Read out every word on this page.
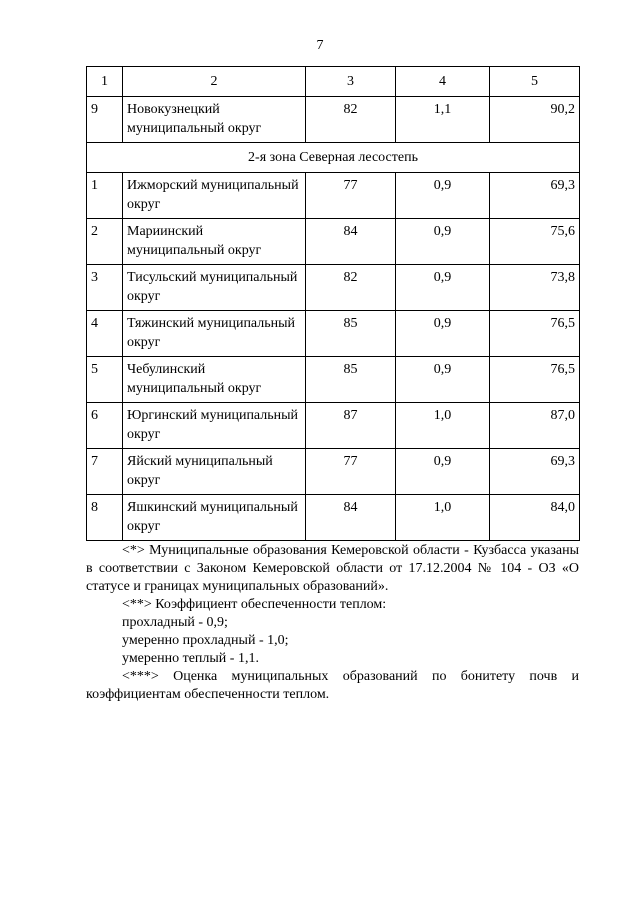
7
1	2	3	4	5
9	Новокузнецкий муниципальный округ	82	1,1	90,2
2-я зона Северная лесостепь				
1	Ижморский муниципальный округ	77	0,9	69,3
2	Мариинский муниципальный округ	84	0,9	75,6
3	Тисульский муниципальный округ	82	0,9	73,8
4	Тяжинский муниципальный округ	85	0,9	76,5
5	Чебулинский муниципальный округ	85	0,9	76,5
6	Юргинский муниципальный округ	87	1,0	87,0
7	Яйский муниципальный округ	77	0,9	69,3
8	Яшкинский муниципальный округ	84	1,0	84,0

<*> Муниципальные образования Кемеровской области - Кузбасса указаны в соответствии с Законом Кемеровской области от 17.12.2004 № 104 - ОЗ «О статусе и границах муниципальных образований».

<**> Коэффициент обеспеченности теплом:

прохладный - 0,9;

умеренно прохладный - 1,0;

умеренно теплый - 1,1.

<***> Оценка муниципальных образований по бонитету почв и коэффициентам обеспеченности теплом.
